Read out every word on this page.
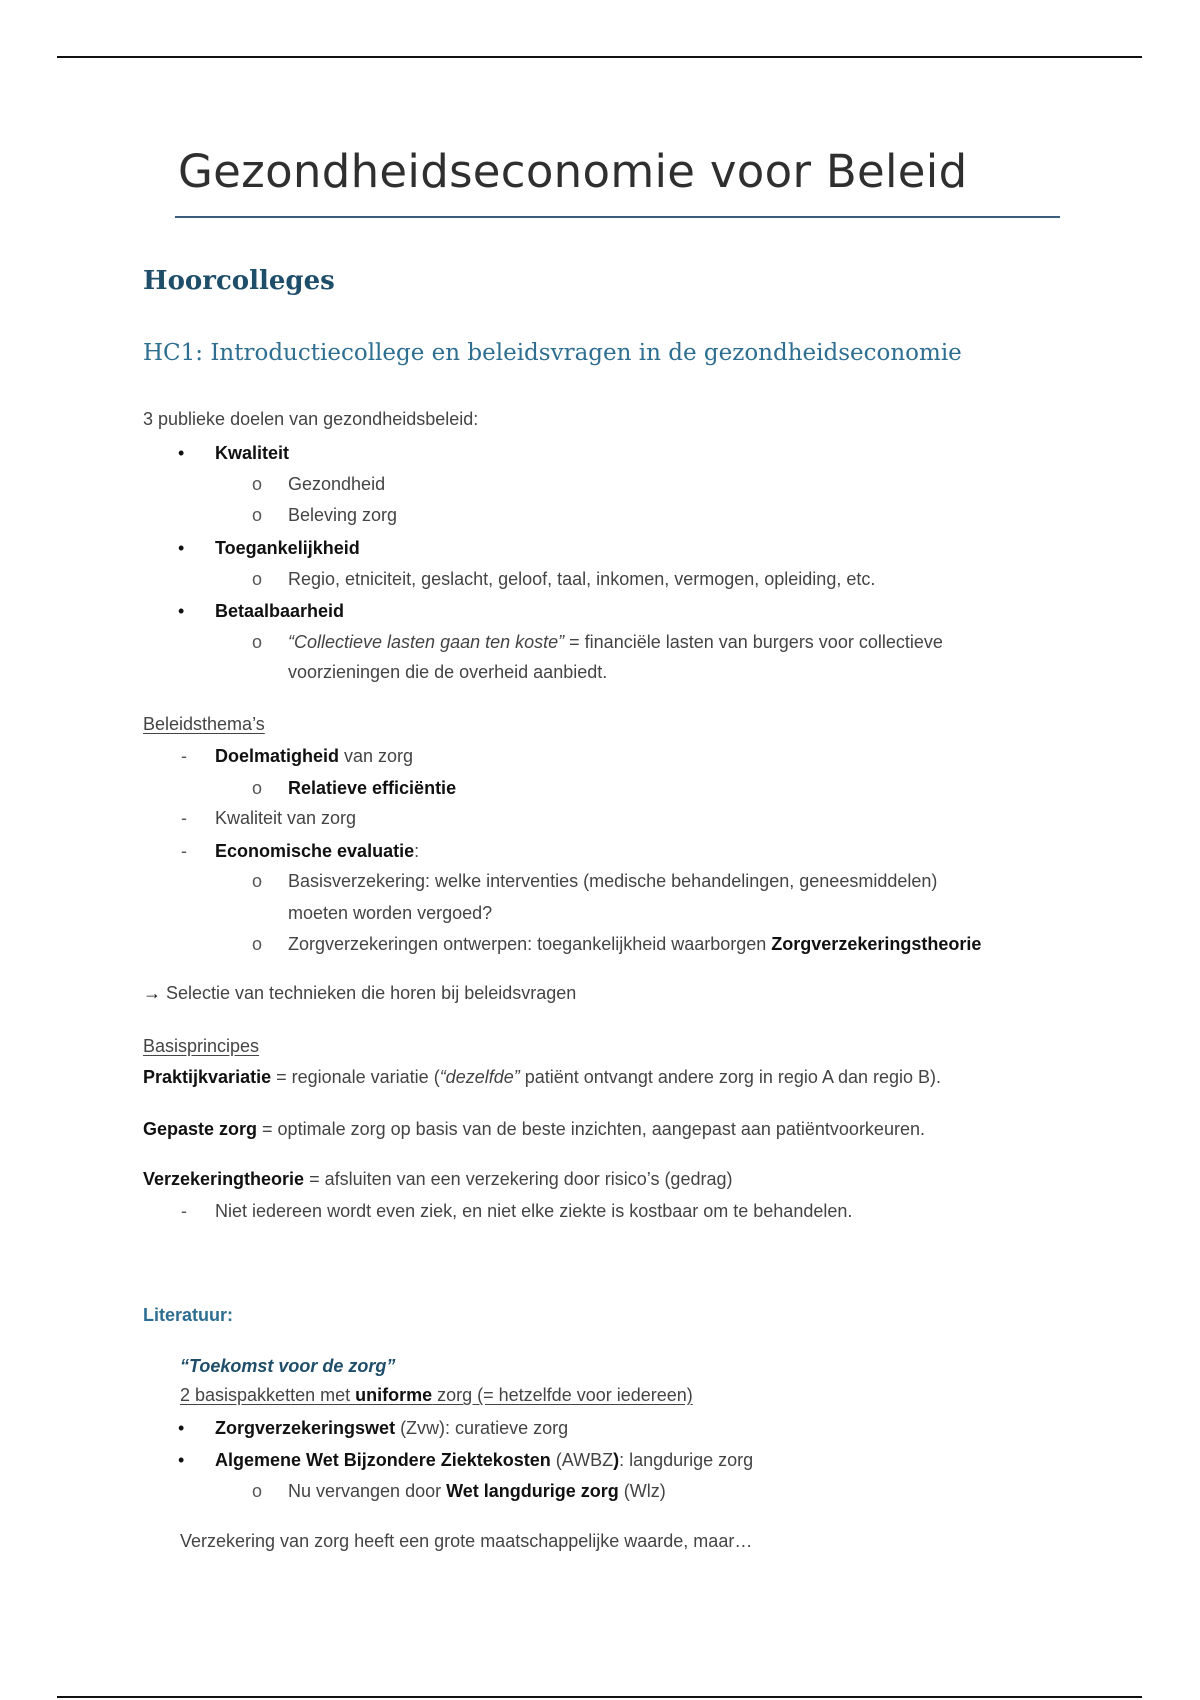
Gezondheidseconomie voor Beleid
Hoorcolleges
HC1: Introductiecollege en beleidsvragen in de gezondheidseconomie
3 publieke doelen van gezondheidsbeleid:
• Kwaliteit
o Gezondheid
o Beleving zorg
• Toegankelijkheid
o Regio, etniciteit, geslacht, geloof, taal, inkomen, vermogen, opleiding, etc.
• Betaalbaarheid
o “Collectieve lasten gaan ten koste” = financiële lasten van burgers voor collectieve
voorzieningen die de overheid aanbiedt.
Beleidsthema’s
- Doelmatigheid van zorg
o Relatieve efficiëntie
- Kwaliteit van zorg
- Economische evaluatie:
o Basisverzekering: welke interventies (medische behandelingen, geneesmiddelen)
moeten worden vergoed?
o Zorgverzekeringen ontwerpen: toegankelijkheid waarborgen Zorgverzekeringstheorie
→ Selectie van technieken die horen bij beleidsvragen
Basisprincipes
Praktijkvariatie = regionale variatie (“dezelfde” patiënt ontvangt andere zorg in regio A dan regio B).
Gepaste zorg = optimale zorg op basis van de beste inzichten, aangepast aan patiëntvoorkeuren.
Verzekeringtheorie = afsluiten van een verzekering door risico’s (gedrag)
- Niet iedereen wordt even ziek, en niet elke ziekte is kostbaar om te behandelen.
Literatuur:
“Toekomst voor de zorg”
2 basispakketten met uniforme zorg (= hetzelfde voor iedereen)
• Zorgverzekeringswet (Zvw): curatieve zorg
• Algemene Wet Bijzondere Ziektekosten (AWBZ): langdurige zorg
o Nu vervangen door Wet langdurige zorg (Wlz)
Verzekering van zorg heeft een grote maatschappelijke waarde, maar…
